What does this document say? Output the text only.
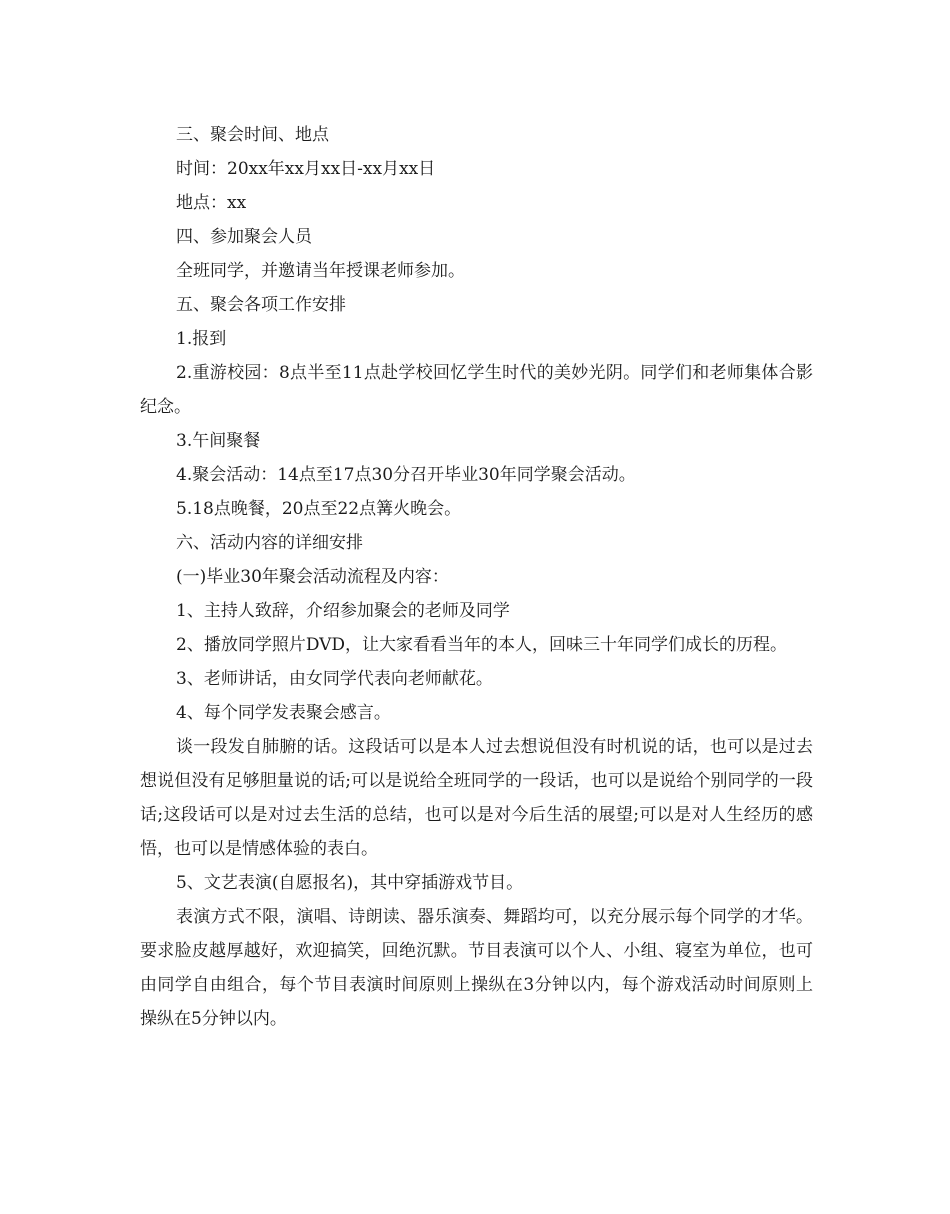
三、聚会时间、地点

时间：20xx年xx月xx日-xx月xx日

地点：xx

四、参加聚会人员

全班同学，并邀请当年授课老师参加。

五、聚会各项工作安排

1.报到

2.重游校园：8点半至11点赴学校回忆学生时代的美妙光阴。同学们和老师集体合影纪念。

3.午间聚餐

4.聚会活动：14点至17点30分召开毕业30年同学聚会活动。

5.18点晚餐，20点至22点篝火晚会。

六、活动内容的详细安排

(一)毕业30年聚会活动流程及内容：

1、主持人致辞，介绍参加聚会的老师及同学

2、播放同学照片DVD，让大家看看当年的本人，回味三十年同学们成长的历程。

3、老师讲话，由女同学代表向老师献花。

4、每个同学发表聚会感言。

谈一段发自肺腑的话。这段话可以是本人过去想说但没有时机说的话，也可以是过去想说但没有足够胆量说的话;可以是说给全班同学的一段话，也可以是说给个别同学的一段话;这段话可以是对过去生活的总结，也可以是对今后生活的展望;可以是对人生经历的感悟，也可以是情感体验的表白。

5、文艺表演(自愿报名)，其中穿插游戏节目。

表演方式不限，演唱、诗朗读、器乐演奏、舞蹈均可，以充分展示每个同学的才华。要求脸皮越厚越好，欢迎搞笑，回绝沉默。节目表演可以个人、小组、寝室为单位，也可由同学自由组合，每个节目表演时间原则上操纵在3分钟以内，每个游戏活动时间原则上操纵在5分钟以内。
